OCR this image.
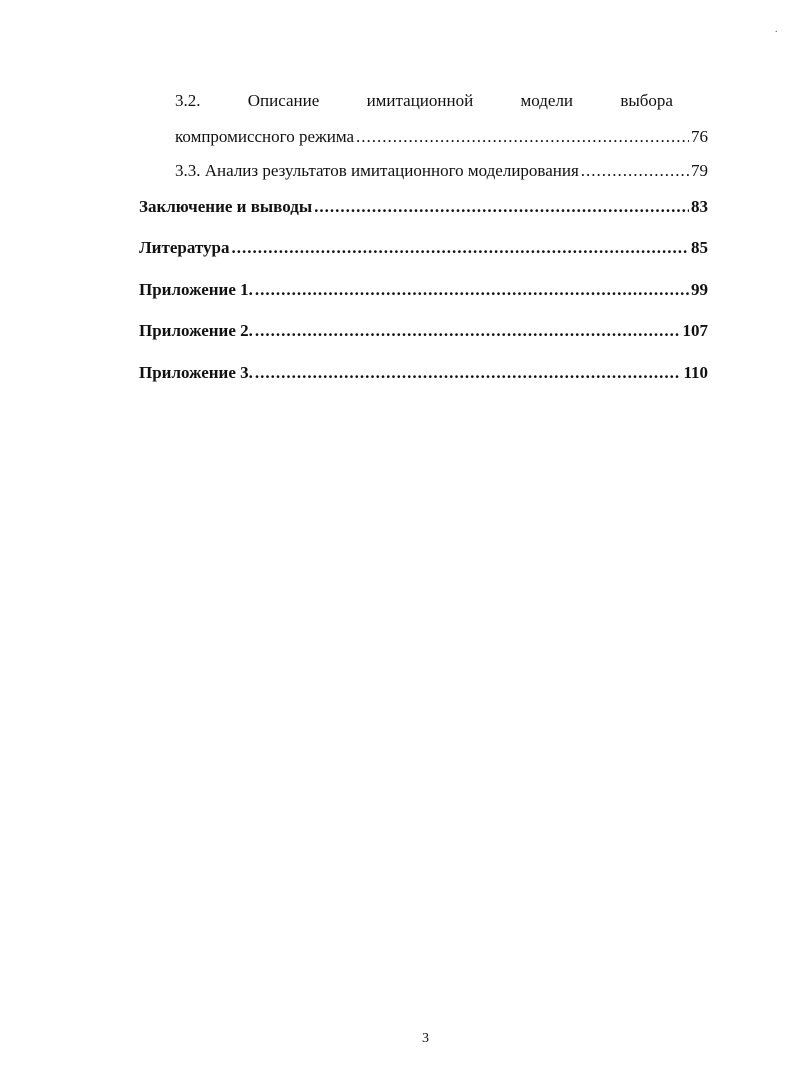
.
3.2.	Описание	имитационной	модели	выбора
компромиссного режима .....	76
3.3. Анализ результатов имитационного моделирования .....	79
Заключение и выводы .....	83
Литература .....	85
Приложение 1. .....	99
Приложение 2. .....	107
Приложение 3. .....	110
3
